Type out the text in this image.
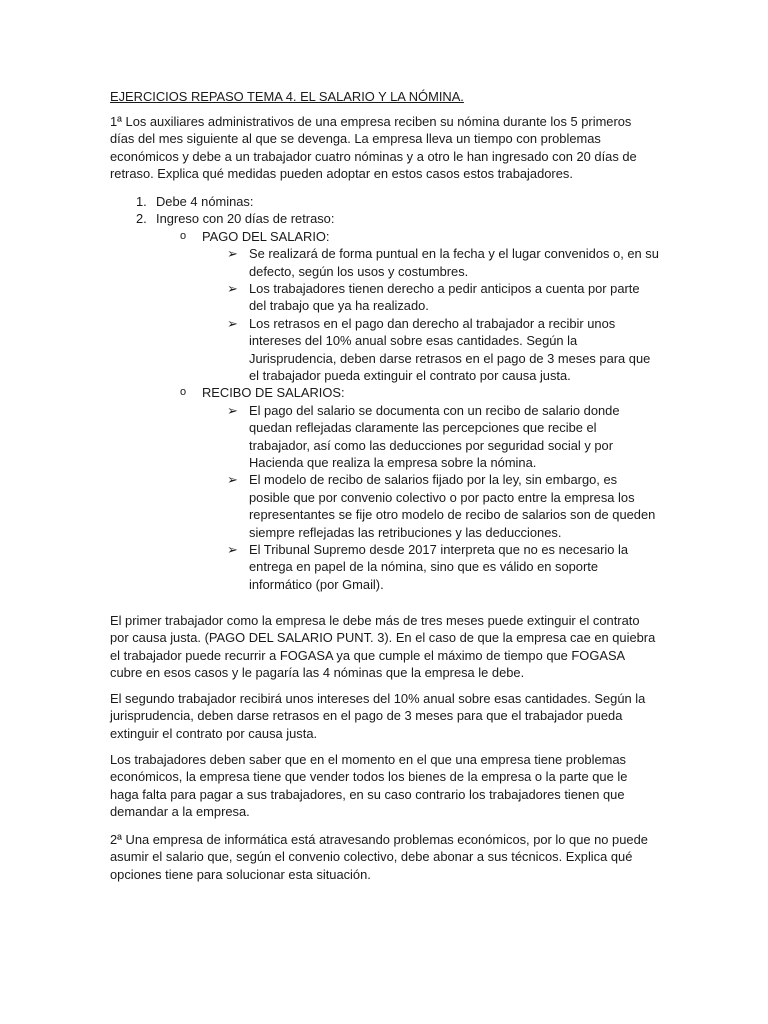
EJERCICIOS REPASO TEMA 4. EL SALARIO Y LA NÓMINA.

1ª Los auxiliares administrativos de una empresa reciben su nómina durante los 5 primeros días del mes siguiente al que se devenga. La empresa lleva un tiempo con problemas económicos y debe a un trabajador cuatro nóminas y a otro le han ingresado con 20 días de retraso. Explica qué medidas pueden adoptar en estos casos estos trabajadores.

1. Debe 4 nóminas:
2. Ingreso con 20 días de retraso:
o PAGO DEL SALARIO:
➢ Se realizará de forma puntual en la fecha y el lugar convenidos o, en su defecto, según los usos y costumbres.
➢ Los trabajadores tienen derecho a pedir anticipos a cuenta por parte del trabajo que ya ha realizado.
➢ Los retrasos en el pago dan derecho al trabajador a recibir unos intereses del 10% anual sobre esas cantidades. Según la Jurisprudencia, deben darse retrasos en el pago de 3 meses para que el trabajador pueda extinguir el contrato por causa justa.
o RECIBO DE SALARIOS:
➢ El pago del salario se documenta con un recibo de salario donde quedan reflejadas claramente las percepciones que recibe el trabajador, así como las deducciones por seguridad social y por Hacienda que realiza la empresa sobre la nómina.
➢ El modelo de recibo de salarios fijado por la ley, sin embargo, es posible que por convenio colectivo o por pacto entre la empresa los representantes se fije otro modelo de recibo de salarios son de queden siempre reflejadas las retribuciones y las deducciones.
➢ El Tribunal Supremo desde 2017 interpreta que no es necesario la entrega en papel de la nómina, sino que es válido en soporte informático (por Gmail).

El primer trabajador como la empresa le debe más de tres meses puede extinguir el contrato por causa justa. (PAGO DEL SALARIO PUNT. 3). En el caso de que la empresa cae en quiebra el trabajador puede recurrir a FOGASA ya que cumple el máximo de tiempo que FOGASA cubre en esos casos y le pagaría las 4 nóminas que la empresa le debe.

El segundo trabajador recibirá unos intereses del 10% anual sobre esas cantidades. Según la jurisprudencia, deben darse retrasos en el pago de 3 meses para que el trabajador pueda extinguir el contrato por causa justa.

Los trabajadores deben saber que en el momento en el que una empresa tiene problemas económicos, la empresa tiene que vender todos los bienes de la empresa o la parte que le haga falta para pagar a sus trabajadores, en su caso contrario los trabajadores tienen que demandar a la empresa.

2ª Una empresa de informática está atravesando problemas económicos, por lo que no puede asumir el salario que, según el convenio colectivo, debe abonar a sus técnicos. Explica qué opciones tiene para solucionar esta situación.
